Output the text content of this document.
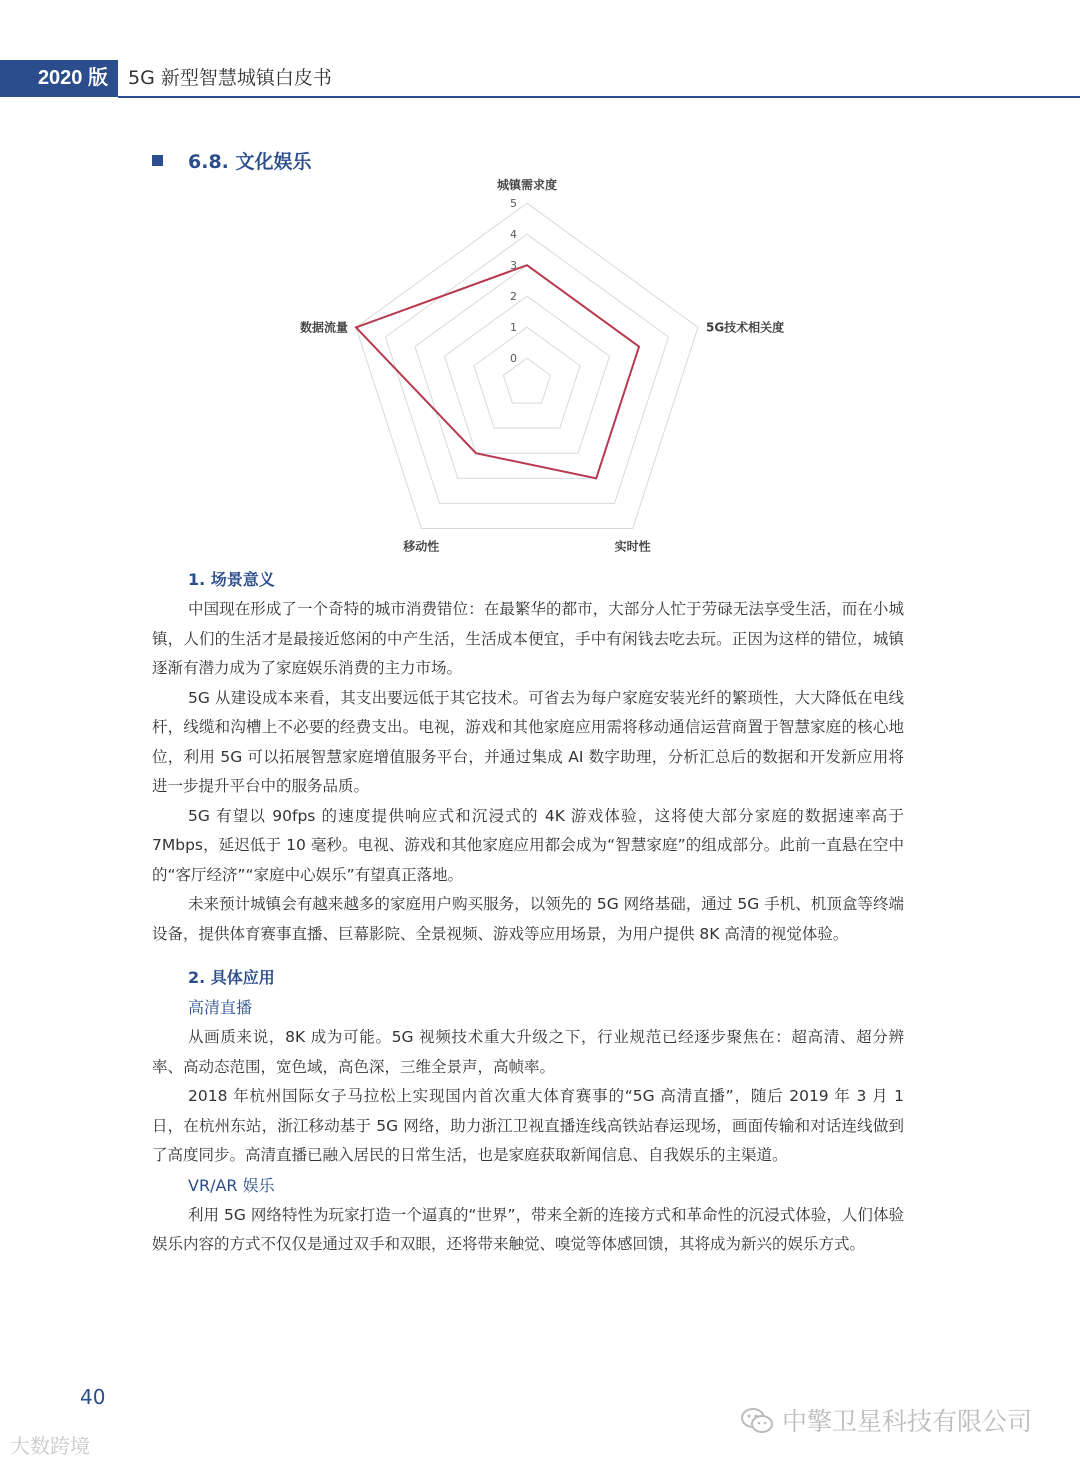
2020 版	5G 新型智慧城镇白皮书
6.8. 文化娱乐
0
1
2
3
4
5
城镇需求度
5G技术相关度
实时性
移动性
数据流量
1. 场景意义

中国现在形成了一个奇特的城市消费错位：在最繁华的都市，大部分人忙于劳碌无法享受生活，而在小城镇，人们的生活才是最接近悠闲的中产生活，生活成本便宜，手中有闲钱去吃去玩。正因为这样的错位，城镇逐渐有潜力成为了家庭娱乐消费的主力市场。

5G 从建设成本来看，其支出要远低于其它技术。可省去为每户家庭安装光纤的繁琐性，大大降低在电线杆，线缆和沟槽上不必要的经费支出。电视，游戏和其他家庭应用需将移动通信运营商置于智慧家庭的核心地位，利用 5G 可以拓展智慧家庭增值服务平台，并通过集成 AI 数字助理，分析汇总后的数据和开发新应用将进一步提升平台中的服务品质。

5G 有望以 90fps 的速度提供响应式和沉浸式的 4K 游戏体验，这将使大部分家庭的数据速率高于 7Mbps，延迟低于 10 毫秒。电视、游戏和其他家庭应用都会成为“智慧家庭”的组成部分。此前一直悬在空中的“客厅经济”“家庭中心娱乐”有望真正落地。

未来预计城镇会有越来越多的家庭用户购买服务，以领先的 5G 网络基础，通过 5G 手机、机顶盒等终端设备，提供体育赛事直播、巨幕影院、全景视频、游戏等应用场景，为用户提供 8K 高清的视觉体验。

2. 具体应用
高清直播

从画质来说，8K 成为可能。5G 视频技术重大升级之下，行业规范已经逐步聚焦在：超高清、超分辨率、高动态范围，宽色域，高色深，三维全景声，高帧率。

2018 年杭州国际女子马拉松上实现国内首次重大体育赛事的“5G 高清直播”，随后 2019 年 3 月 1 日，在杭州东站，浙江移动基于 5G 网络，助力浙江卫视直播连线高铁站春运现场，画面传输和对话连线做到了高度同步。高清直播已融入居民的日常生活，也是家庭获取新闻信息、自我娱乐的主渠道。

VR/AR 娱乐

利用 5G 网络特性为玩家打造一个逼真的“世界”，带来全新的连接方式和革命性的沉浸式体验，人们体验娱乐内容的方式不仅仅是通过双手和双眼，还将带来触觉、嗅觉等体感回馈，其将成为新兴的娱乐方式。

40
中擎卫星科技有限公司
大数跨境
